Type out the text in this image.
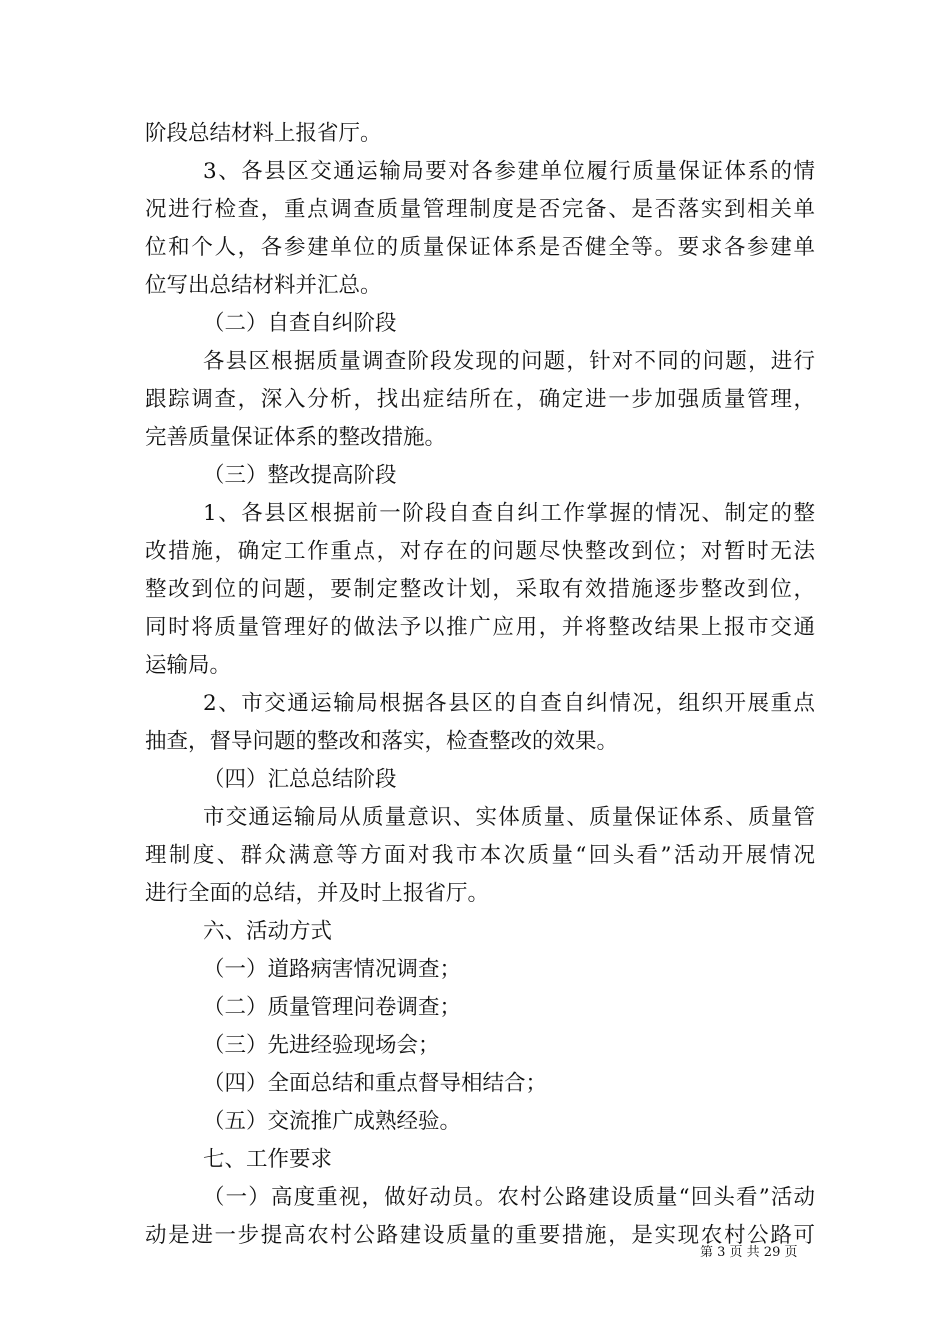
阶段总结材料上报省厅。
3、各县区交通运输局要对各参建单位履行质量保证体系的情
况进行检查，重点调查质量管理制度是否完备、是否落实到相关单
位和个人，各参建单位的质量保证体系是否健全等。要求各参建单
位写出总结材料并汇总。
（二）自查自纠阶段
各县区根据质量调查阶段发现的问题，针对不同的问题，进行
跟踪调查，深入分析，找出症结所在，确定进一步加强质量管理，
完善质量保证体系的整改措施。
（三）整改提高阶段
1、各县区根据前一阶段自查自纠工作掌握的情况、制定的整
改措施，确定工作重点，对存在的问题尽快整改到位；对暂时无法
整改到位的问题，要制定整改计划，采取有效措施逐步整改到位，
同时将质量管理好的做法予以推广应用，并将整改结果上报市交通
运输局。
2、市交通运输局根据各县区的自查自纠情况，组织开展重点
抽查，督导问题的整改和落实，检查整改的效果。
（四）汇总总结阶段
市交通运输局从质量意识、实体质量、质量保证体系、质量管
理制度、群众满意等方面对我市本次质量“回头看”活动开展情况
进行全面的总结，并及时上报省厅。
六、活动方式
（一）道路病害情况调查；
（二）质量管理问卷调查；
（三）先进经验现场会；
（四）全面总结和重点督导相结合；
（五）交流推广成熟经验。
七、工作要求
（一）高度重视，做好动员。农村公路建设质量“回头看”活动
动是进一步提高农村公路建设质量的重要措施，是实现农村公路可
第 3 页 共 29 页
